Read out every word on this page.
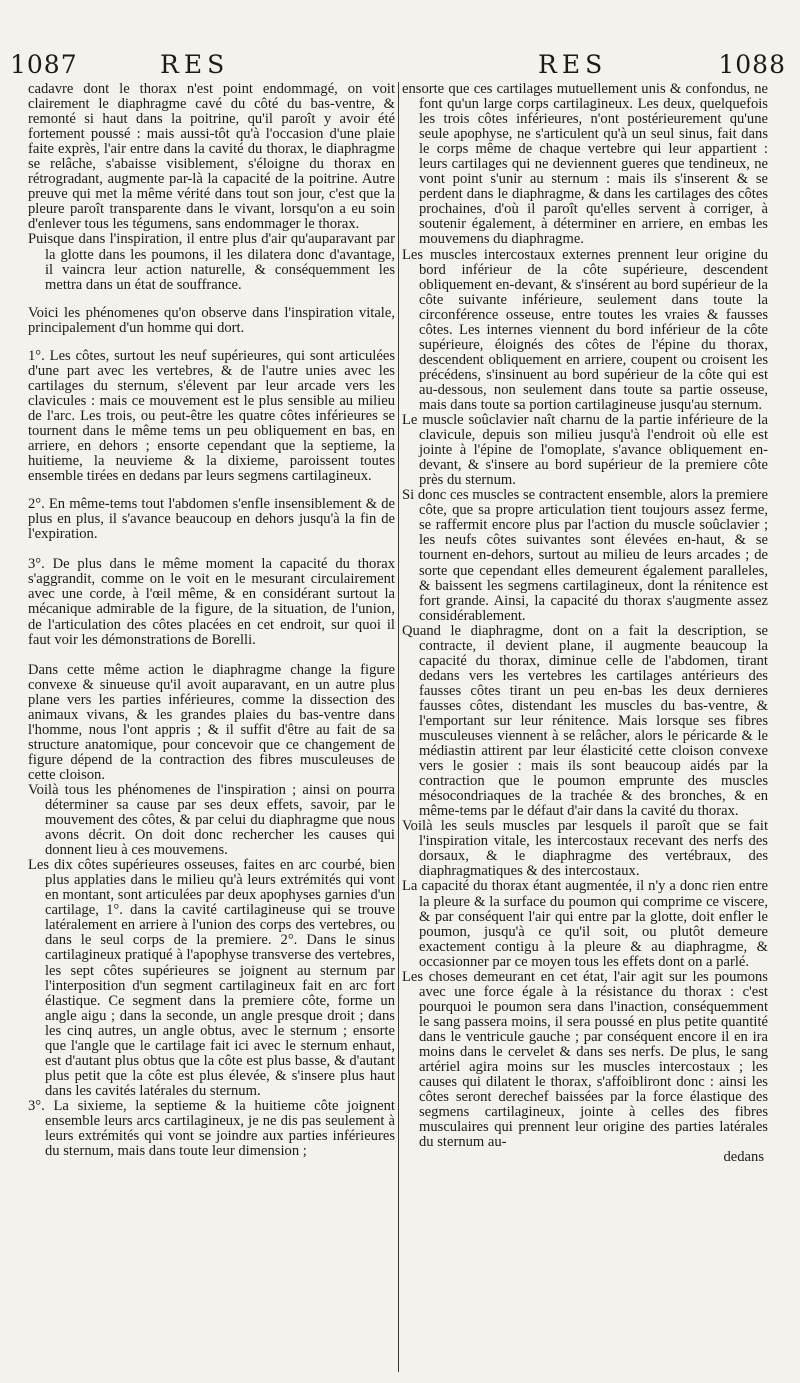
1087	RES	RES	1088

cadavre dont le thorax n'est point endommagé, on voit clairement le diaphragme cavé du côté du bas-ventre, & remonté si haut dans la poitrine, qu'il paroît y avoir été fortement poussé : mais aussi-tôt qu'à l'occasion d'une plaie faite exprès, l'air entre dans la cavité du thorax, le diaphragme se relâche, s'abaisse visiblement, s'éloigne du thorax en rétrogradant, augmente par-là la capacité de la poitrine. Autre preuve qui met la même vérité dans tout son jour, c'est que la pleure paroît transparente dans le vivant, lorsqu'on a eu soin d'enlever tous les tégumens, sans endommager le thorax.

Puisque dans l'inspiration, il entre plus d'air qu'auparavant par la glotte dans les poumons, il les dilatera donc d'avantage, il vaincra leur action naturelle, & conséquemment les mettra dans un état de souffrance.

Voici les phénomenes qu'on observe dans l'inspiration vitale, principalement d'un homme qui dort.

1°. Les côtes, surtout les neuf supérieures, qui sont articulées d'une part avec les vertebres, & de l'autre unies avec les cartilages du sternum, s'élevent par leur arcade vers les clavicules : mais ce mouvement est le plus sensible au milieu de l'arc. Les trois, ou peut-être les quatre côtes inférieures se tournent dans le même tems un peu obliquement en bas, en arriere, en dehors ; ensorte cependant que la septieme, la huitieme, la neuvieme & la dixieme, paroissent toutes ensemble tirées en dedans par leurs segmens cartilagineux.

2°. En même-tems tout l'abdomen s'enfle insensiblement & de plus en plus, il s'avance beaucoup en dehors jusqu'à la fin de l'expiration.

3°. De plus dans le même moment la capacité du thorax s'aggrandit, comme on le voit en le mesurant circulairement avec une corde, à l'œil même, & en considérant surtout la mécanique admirable de la figure, de la situation, de l'union, de l'articulation des côtes placées en cet endroit, sur quoi il faut voir les démonstrations de Borelli.

Dans cette même action le diaphragme change la figure convexe & sinueuse qu'il avoit auparavant, en un autre plus plane vers les parties inférieures, comme la dissection des animaux vivans, & les grandes plaies du bas-ventre dans l'homme, nous l'ont appris ; & il suffit d'être au fait de sa structure anatomique, pour concevoir que ce changement de figure dépend de la contraction des fibres musculeuses de cette cloison.

Voilà tous les phénomenes de l'inspiration ; ainsi on pourra déterminer sa cause par ses deux effets, savoir, par le mouvement des côtes, & par celui du diaphragme que nous avons décrit. On doit donc rechercher les causes qui donnent lieu à ces mouvemens.

Les dix côtes supérieures osseuses, faites en arc courbé, bien plus applaties dans le milieu qu'à leurs extrémités qui vont en montant, sont articulées par deux apophyses garnies d'un cartilage, 1°. dans la cavité cartilagineuse qui se trouve latéralement en arriere à l'union des corps des vertebres, ou dans le seul corps de la premiere. 2°. Dans le sinus cartilagineux pratiqué à l'apophyse transverse des vertebres, les sept côtes supérieures se joignent au sternum par l'interposition d'un segment cartilagineux fait en arc fort élastique. Ce segment dans la premiere côte, forme un angle aigu ; dans la seconde, un angle presque droit ; dans les cinq autres, un angle obtus, avec le sternum ; ensorte que l'angle que le cartilage fait ici avec le sternum enhaut, est d'autant plus obtus que la côte est plus basse, & d'autant plus petit que la côte est plus élevée, & s'insere plus haut dans les cavités latérales du sternum.

3°. La sixieme, la septieme & la huitieme côte joignent ensemble leurs arcs cartilagineux, je ne dis pas seulement à leurs extrémités qui vont se joindre aux parties inférieures du sternum, mais dans toute leur dimension ;

ensorte que ces cartilages mutuellement unis & confondus, ne font qu'un large corps cartilagineux. Les deux, quelquefois les trois côtes inférieures, n'ont postérieurement qu'une seule apophyse, ne s'articulent qu'à un seul sinus, fait dans le corps même de chaque vertebre qui leur appartient : leurs cartilages qui ne deviennent gueres que tendineux, ne vont point s'unir au sternum : mais ils s'inserent & se perdent dans le diaphragme, & dans les cartilages des côtes prochaines, d'où il paroît qu'elles servent à corriger, à soutenir également, à déterminer en arriere, en embas les mouvemens du diaphragme.

Les muscles intercostaux externes prennent leur origine du bord inférieur de la côte supérieure, descendent obliquement en-devant, & s'insérent au bord supérieur de la côte suivante inférieure, seulement dans toute la circonférence osseuse, entre toutes les vraies & fausses côtes. Les internes viennent du bord inférieur de la côte supérieure, éloignés des côtes de l'épine du thorax, descendent obliquement en arriere, coupent ou croisent les précédens, s'insinuent au bord supérieur de la côte qui est au-dessous, non seulement dans toute sa partie osseuse, mais dans toute sa portion cartilagineuse jusqu'au sternum.

Le muscle soûclavier naît charnu de la partie inférieure de la clavicule, depuis son milieu jusqu'à l'endroit où elle est jointe à l'épine de l'omoplate, s'avance obliquement en-devant, & s'insere au bord supérieur de la premiere côte près du sternum.

Si donc ces muscles se contractent ensemble, alors la premiere côte, que sa propre articulation tient toujours assez ferme, se raffermit encore plus par l'action du muscle soûclavier ; les neufs côtes suivantes sont élevées en-haut, & se tournent en-dehors, surtout au milieu de leurs arcades ; de sorte que cependant elles demeurent également paralleles, & baissent les segmens cartilagineux, dont la rénitence est fort grande. Ainsi, la capacité du thorax s'augmente assez considérablement.

Quand le diaphragme, dont on a fait la description, se contracte, il devient plane, il augmente beaucoup la capacité du thorax, diminue celle de l'abdomen, tirant dedans vers les vertebres les cartilages antérieurs des fausses côtes tirant un peu en-bas les deux dernieres fausses côtes, distendant les muscles du bas-ventre, & l'emportant sur leur rénitence. Mais lorsque ses fibres musculeuses viennent à se relâcher, alors le péricarde & le médiastin attirent par leur élasticité cette cloison convexe vers le gosier : mais ils sont beaucoup aidés par la contraction que le poumon emprunte des muscles mésocondriaques de la trachée & des bronches, & en même-tems par le défaut d'air dans la cavité du thorax.

Voilà les seuls muscles par lesquels il paroît que se fait l'inspiration vitale, les intercostaux recevant des nerfs des dorsaux, & le diaphragme des vertébraux, des diaphragmatiques & des intercostaux.

La capacité du thorax étant augmentée, il n'y a donc rien entre la pleure & la surface du poumon qui comprime ce viscere, & par conséquent l'air qui entre par la glotte, doit enfler le poumon, jusqu'à ce qu'il soit, ou plutôt demeure exactement contigu à la pleure & au diaphragme, & occasionner par ce moyen tous les effets dont on a parlé.

Les choses demeurant en cet état, l'air agit sur les poumons avec une force égale à la résistance du thorax : c'est pourquoi le poumon sera dans l'inaction, conséquemment le sang passera moins, il sera poussé en plus petite quantité dans le ventricule gauche ; par conséquent encore il en ira moins dans le cervelet & dans ses nerfs. De plus, le sang artériel agira moins sur les muscles intercostaux ; les causes qui dilatent le thorax, s'affoibliront donc : ainsi les côtes seront derechef baissées par la force élastique des segmens cartilagineux, jointe à celles des fibres musculaires qui prennent leur origine des parties latérales du sternum au-

dedans
